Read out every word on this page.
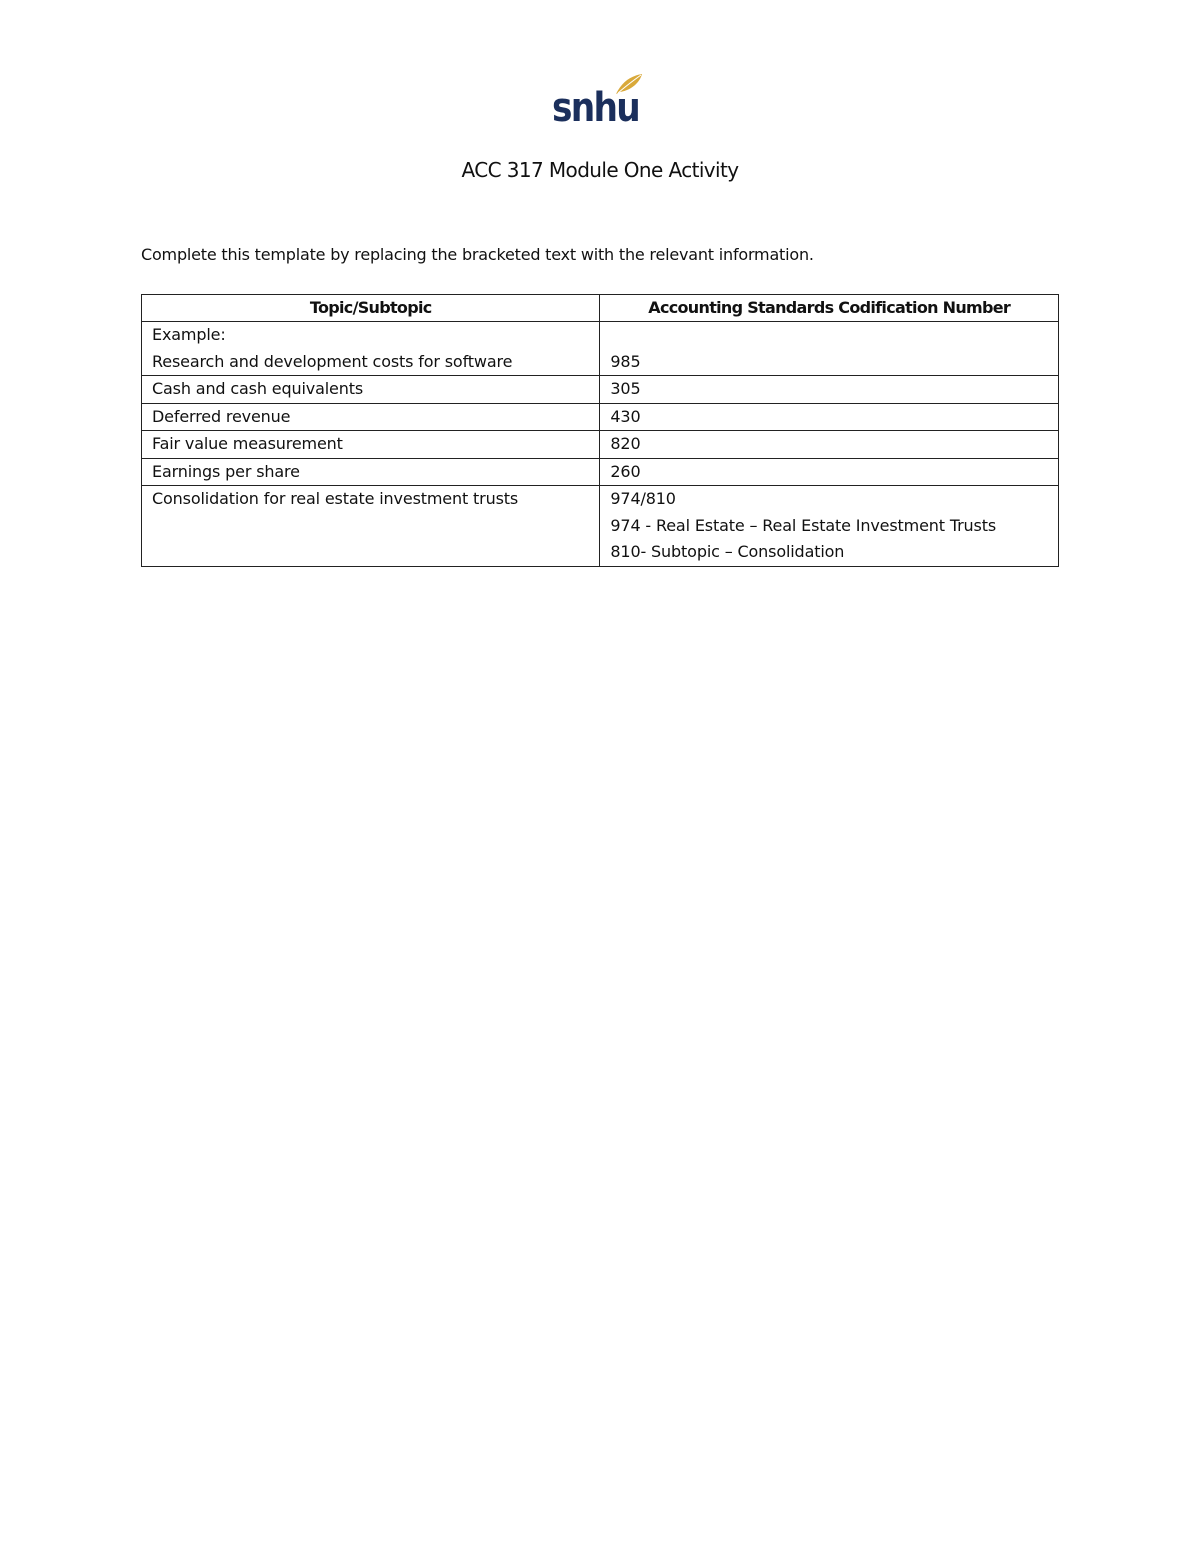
snhu
ACC 317 Module One Activity
Complete this template by replacing the bracketed text with the relevant information.
Topic/Subtopic	Accounting Standards Codification Number

Example:
Research and development costs for software	985

Cash and cash equivalents	305

Deferred revenue	430

Fair value measurement	820

Earnings per share	260

Consolidation for real estate investment trusts	974/810
974 - Real Estate – Real Estate Investment Trusts
810- Subtopic – Consolidation
